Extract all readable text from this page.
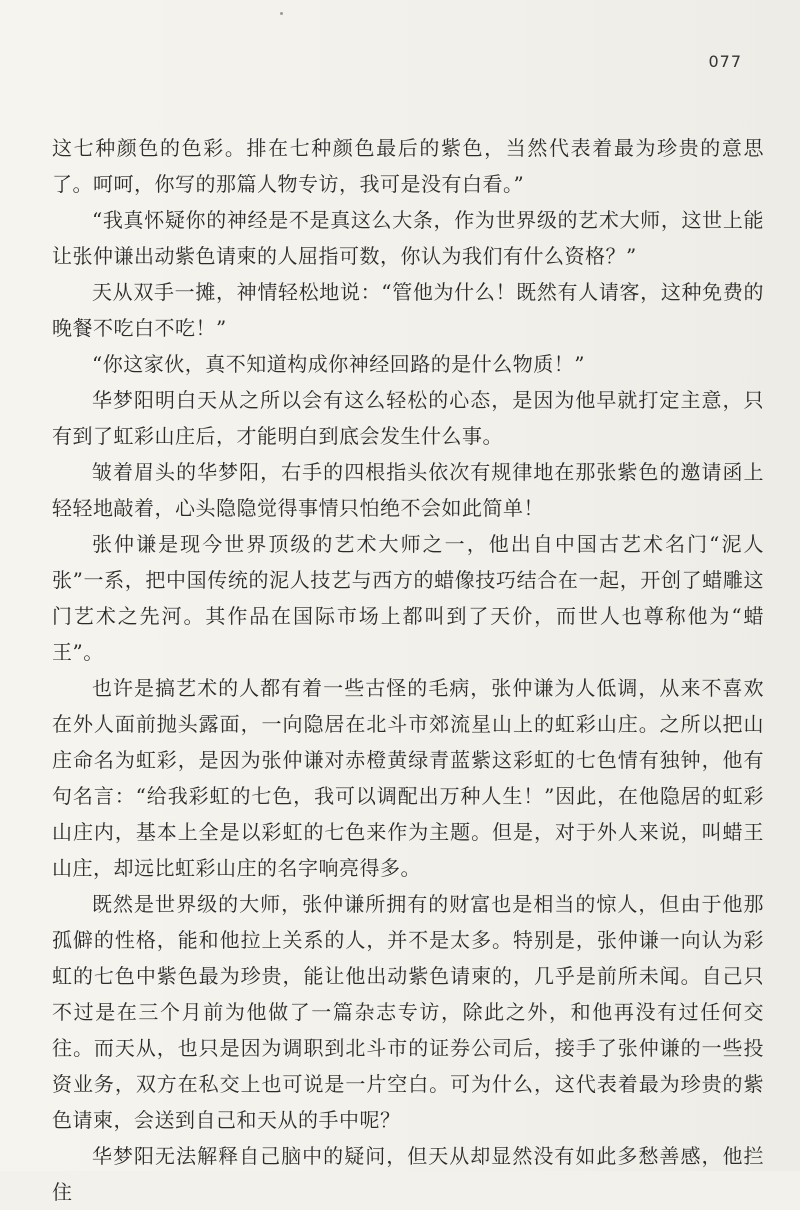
077

这七种颜色的色彩。排在七种颜色最后的紫色，当然代表着最为珍贵的意思了。呵呵，你写的那篇人物专访，我可是没有白看。”

“我真怀疑你的神经是不是真这么大条，作为世界级的艺术大师，这世上能让张仲谦出动紫色请柬的人屈指可数，你认为我们有什么资格？”

天从双手一摊，神情轻松地说：“管他为什么！既然有人请客，这种免费的晚餐不吃白不吃！”

“你这家伙，真不知道构成你神经回路的是什么物质！”

华梦阳明白天从之所以会有这么轻松的心态，是因为他早就打定主意，只有到了虹彩山庄后，才能明白到底会发生什么事。

皱着眉头的华梦阳，右手的四根指头依次有规律地在那张紫色的邀请函上轻轻地敲着，心头隐隐觉得事情只怕绝不会如此简单！

张仲谦是现今世界顶级的艺术大师之一，他出自中国古艺术名门“泥人张”一系，把中国传统的泥人技艺与西方的蜡像技巧结合在一起，开创了蜡雕这门艺术之先河。其作品在国际市场上都叫到了天价，而世人也尊称他为“蜡王”。

也许是搞艺术的人都有着一些古怪的毛病，张仲谦为人低调，从来不喜欢在外人面前抛头露面，一向隐居在北斗市郊流星山上的虹彩山庄。之所以把山庄命名为虹彩，是因为张仲谦对赤橙黄绿青蓝紫这彩虹的七色情有独钟，他有句名言：“给我彩虹的七色，我可以调配出万种人生！”因此，在他隐居的虹彩山庄内，基本上全是以彩虹的七色来作为主题。但是，对于外人来说，叫蜡王山庄，却远比虹彩山庄的名字响亮得多。

既然是世界级的大师，张仲谦所拥有的财富也是相当的惊人，但由于他那孤僻的性格，能和他拉上关系的人，并不是太多。特别是，张仲谦一向认为彩虹的七色中紫色最为珍贵，能让他出动紫色请柬的，几乎是前所未闻。自己只不过是在三个月前为他做了一篇杂志专访，除此之外，和他再没有过任何交往。而天从，也只是因为调职到北斗市的证券公司后，接手了张仲谦的一些投资业务，双方在私交上也可说是一片空白。可为什么，这代表着最为珍贵的紫色请柬，会送到自己和天从的手中呢？

华梦阳无法解释自己脑中的疑问，但天从却显然没有如此多愁善感，他拦住
